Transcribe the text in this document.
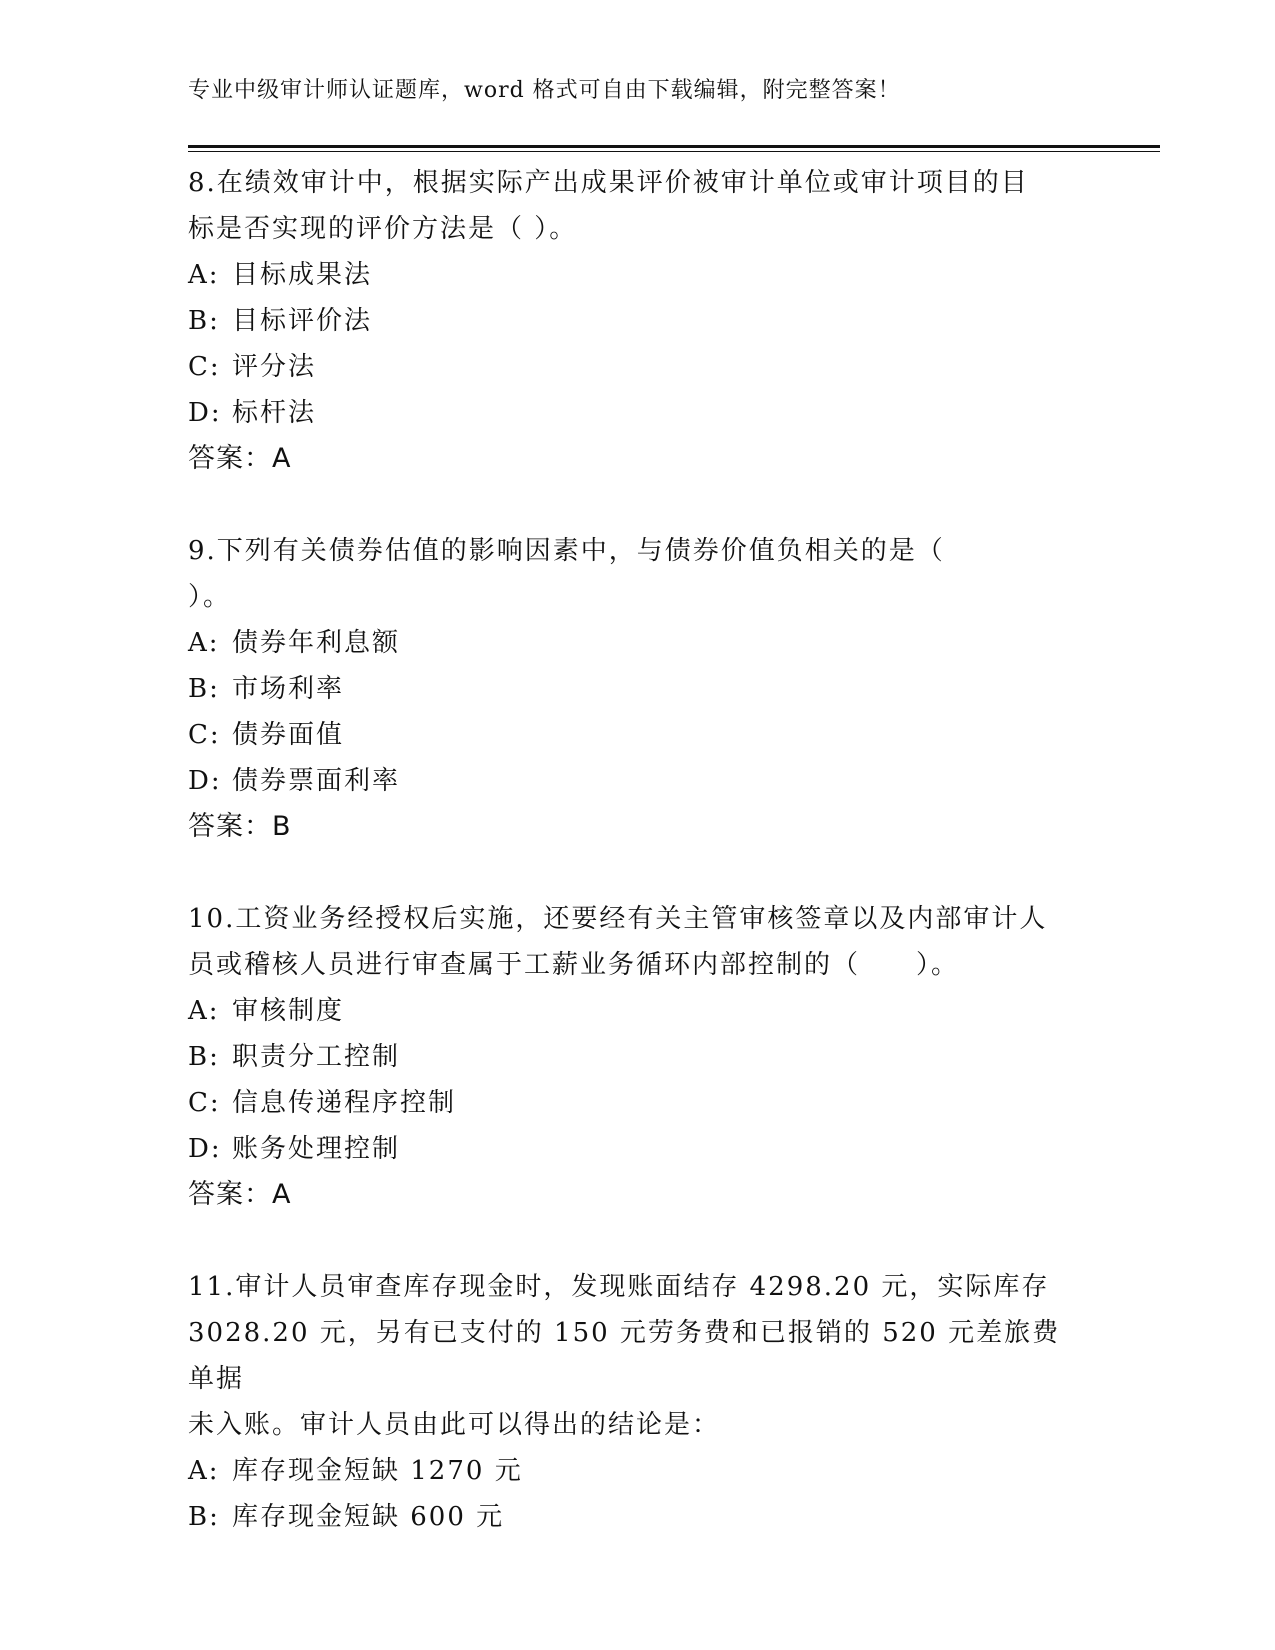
专业中级审计师认证题库，word 格式可自由下载编辑，附完整答案！

8.在绩效审计中，根据实际产出成果评价被审计单位或审计项目的目

标是否实现的评价方法是（ ）。

A: 目标成果法

B: 目标评价法

C: 评分法

D: 标杆法

答案：A

9.下列有关债券估值的影响因素中，与债券价值负相关的是（

）。

A: 债券年利息额

B: 市场利率

C: 债券面值

D: 债券票面利率

答案：B

10.工资业务经授权后实施，还要经有关主管审核签章以及内部审计人

员或稽核人员进行审查属于工薪业务循环内部控制的（　　）。

A: 审核制度

B: 职责分工控制

C: 信息传递程序控制

D: 账务处理控制

答案：A

11.审计人员审查库存现金时，发现账面结存 4298.20 元，实际库存

3028.20 元，另有已支付的 150 元劳务费和已报销的 520 元差旅费单据

未入账。审计人员由此可以得出的结论是：

A: 库存现金短缺 1270 元

B: 库存现金短缺 600 元
